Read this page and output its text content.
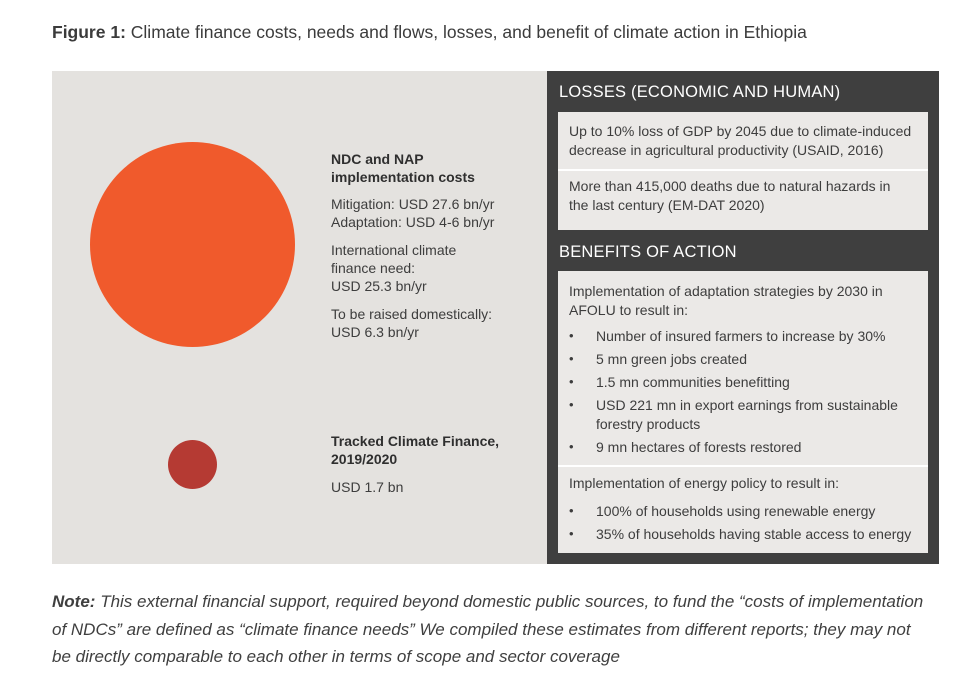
Figure 1: Climate finance costs, needs and flows, losses, and benefit of climate action in Ethiopia
NDC and NAP
implementation costs
Mitigation: USD 27.6 bn/yr
Adaptation: USD 4-6 bn/yr
International climate
finance need:
USD 25.3 bn/yr
To be raised domestically:
USD 6.3 bn/yr
Tracked Climate Finance,
2019/2020
USD 1.7 bn
LOSSES (ECONOMIC AND HUMAN)
Up to 10% loss of GDP by 2045 due to climate-induced
decrease in agricultural productivity (USAID, 2016)
More than 415,000 deaths due to natural hazards in
the last century (EM-DAT 2020)
BENEFITS OF ACTION
Implementation of adaptation strategies by 2030 in
AFOLU to result in:
• Number of insured farmers to increase by 30%
• 5 mn green jobs created
• 1.5 mn communities benefitting
• USD 221 mn in export earnings from sustainable
forestry products
• 9 mn hectares of forests restored
Implementation of energy policy to result in:
• 100% of households using renewable energy
• 35% of households having stable access to energy
Note: This external financial support, required beyond domestic public sources, to fund the “costs of implementation
of NDCs” are defined as “climate finance needs” We compiled these estimates from different reports; they may not
be directly comparable to each other in terms of scope and sector coverage
